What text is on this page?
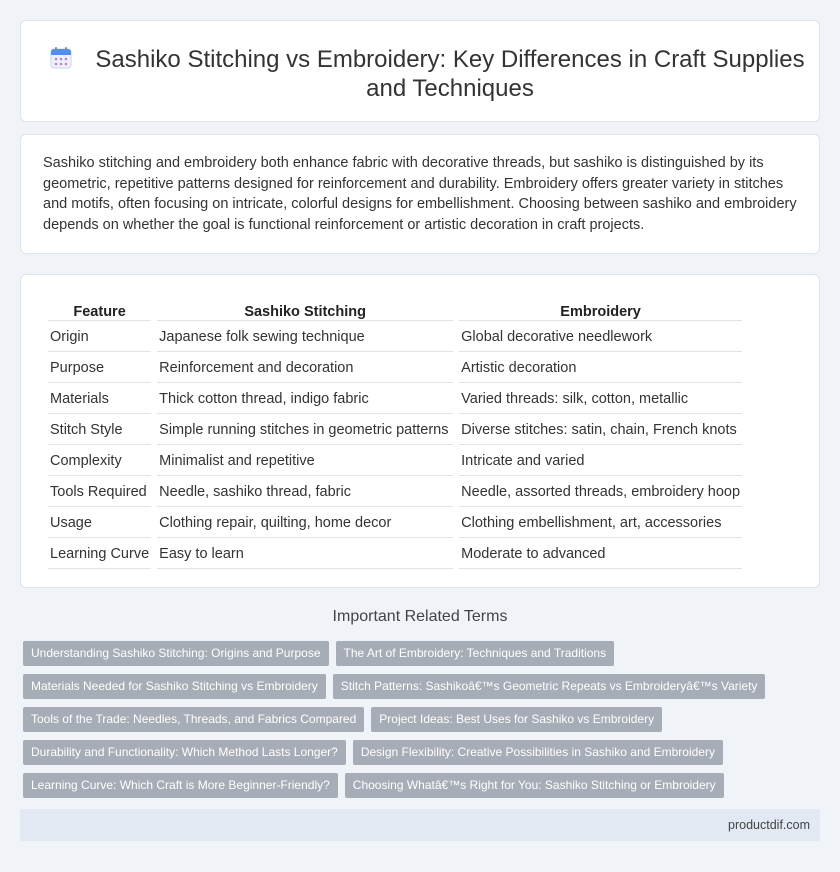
Sashiko Stitching vs Embroidery: Key Differences in Craft Supplies and Techniques

Sashiko stitching and embroidery both enhance fabric with decorative threads, but sashiko is distinguished by its geometric, repetitive patterns designed for reinforcement and durability. Embroidery offers greater variety in stitches and motifs, often focusing on intricate, colorful designs for embellishment. Choosing between sashiko and embroidery depends on whether the goal is functional reinforcement or artistic decoration in craft projects.

Feature	Sashiko Stitching	Embroidery
Origin	Japanese folk sewing technique	Global decorative needlework
Purpose	Reinforcement and decoration	Artistic decoration
Materials	Thick cotton thread, indigo fabric	Varied threads: silk, cotton, metallic
Stitch Style	Simple running stitches in geometric patterns	Diverse stitches: satin, chain, French knots
Complexity	Minimalist and repetitive	Intricate and varied
Tools Required	Needle, sashiko thread, fabric	Needle, assorted threads, embroidery hoop
Usage	Clothing repair, quilting, home decor	Clothing embellishment, art, accessories
Learning Curve	Easy to learn	Moderate to advanced
Important Related Terms
Understanding Sashiko Stitching: Origins and Purpose	The Art of Embroidery: Techniques and Traditions
Materials Needed for Sashiko Stitching vs Embroidery	Stitch Patterns: Sashikoâ€™s Geometric Repeats vs Embroideryâ€™s Variety
Tools of the Trade: Needles, Threads, and Fabrics Compared	Project Ideas: Best Uses for Sashiko vs Embroidery
Durability and Functionality: Which Method Lasts Longer?	Design Flexibility: Creative Possibilities in Sashiko and Embroidery
Learning Curve: Which Craft is More Beginner-Friendly?	Choosing Whatâ€™s Right for You: Sashiko Stitching or Embroidery
productdif.com
